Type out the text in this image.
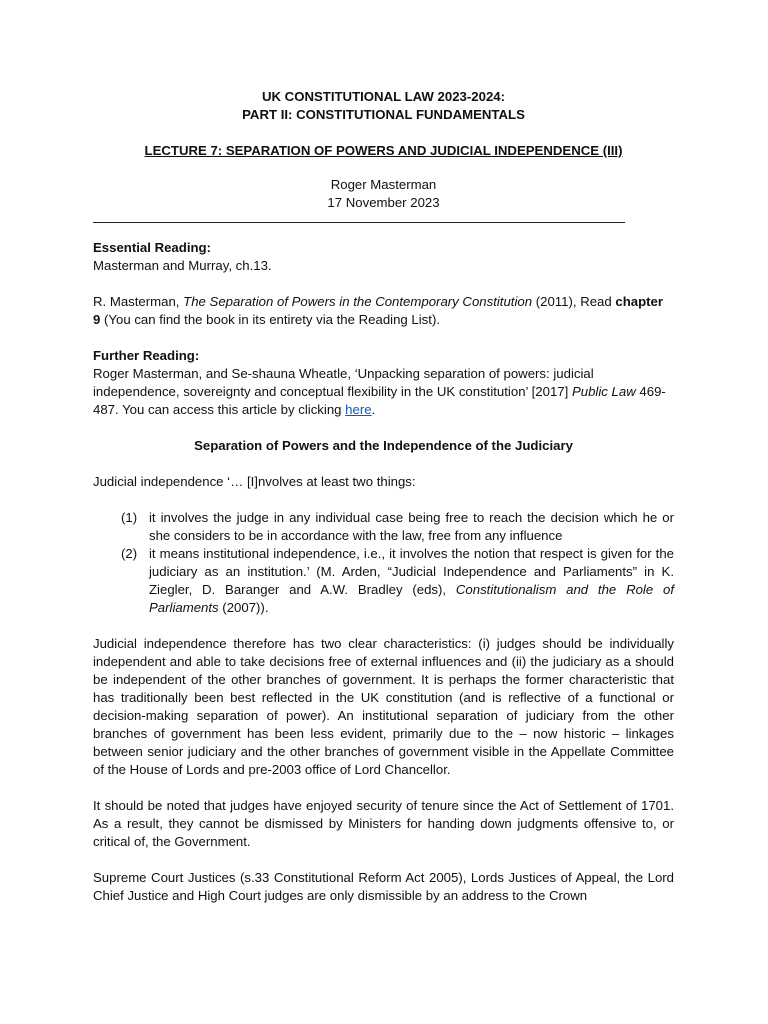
UK CONSTITUTIONAL LAW 2023-2024:
PART II: CONSTITUTIONAL FUNDAMENTALS
LECTURE 7: SEPARATION OF POWERS AND JUDICIAL INDEPENDENCE (III)
Roger Masterman
17 November 2023
Essential Reading:
Masterman and Murray, ch.13.
R. Masterman, The Separation of Powers in the Contemporary Constitution (2011), Read chapter 9 (You can find the book in its entirety via the Reading List).
Further Reading:
Roger Masterman, and Se-shauna Wheatle, ‘Unpacking separation of powers: judicial independence, sovereignty and conceptual flexibility in the UK constitution’ [2017] Public Law 469-487. You can access this article by clicking here.
Separation of Powers and the Independence of the Judiciary
Judicial independence ‘… [I]nvolves at least two things:
(1) it involves the judge in any individual case being free to reach the decision which he or she considers to be in accordance with the law, free from any influence
(2) it means institutional independence, i.e., it involves the notion that respect is given for the judiciary as an institution.’ (M. Arden, “Judicial Independence and Parliaments” in K. Ziegler, D. Baranger and A.W. Bradley (eds), Constitutionalism and the Role of Parliaments (2007)).
Judicial independence therefore has two clear characteristics: (i) judges should be individually independent and able to take decisions free of external influences and (ii) the judiciary as a should be independent of the other branches of government. It is perhaps the former characteristic that has traditionally been best reflected in the UK constitution (and is reflective of a functional or decision-making separation of power). An institutional separation of judiciary from the other branches of government has been less evident, primarily due to the – now historic – linkages between senior judiciary and the other branches of government visible in the Appellate Committee of the House of Lords and pre-2003 office of Lord Chancellor.
It should be noted that judges have enjoyed security of tenure since the Act of Settlement of 1701. As a result, they cannot be dismissed by Ministers for handing down judgments offensive to, or critical of, the Government.
Supreme Court Justices (s.33 Constitutional Reform Act 2005), Lords Justices of Appeal, the Lord Chief Justice and High Court judges are only dismissible by an address to the Crown
